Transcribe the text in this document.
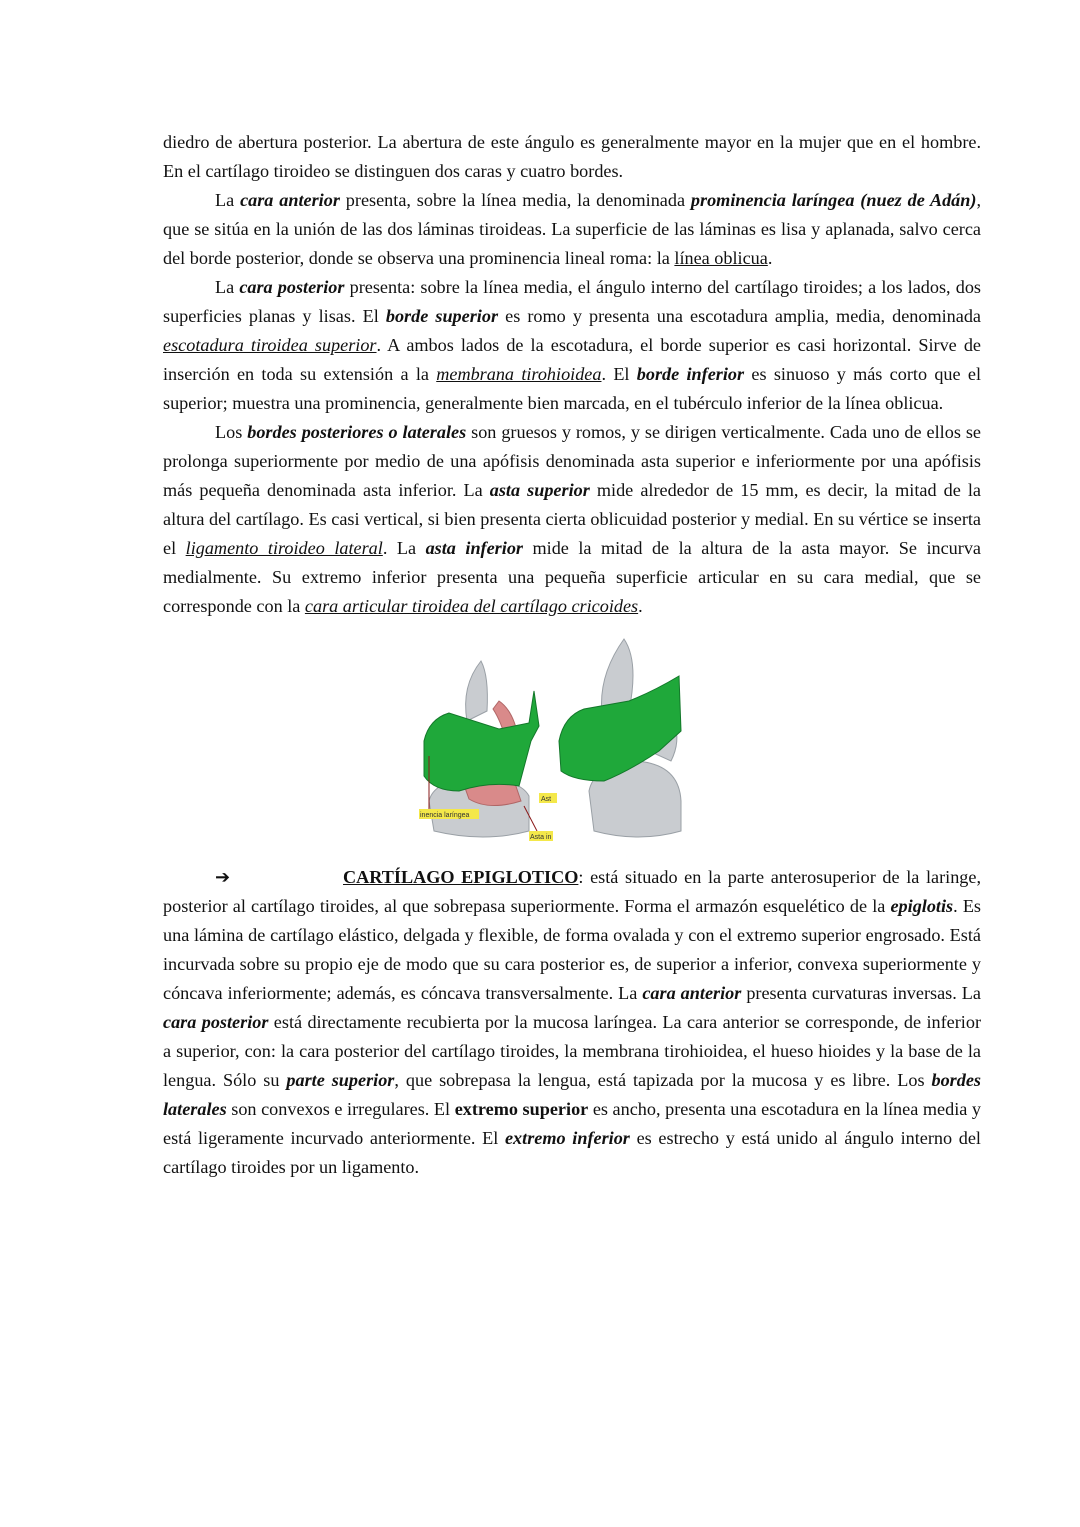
diedro de abertura posterior. La abertura de este ángulo es generalmente mayor en la mujer que en el hombre. En el cartílago tiroideo se distinguen dos caras y cuatro bordes.

La cara anterior presenta, sobre la línea media, la denominada prominencia laríngea (nuez de Adán), que se sitúa en la unión de las dos láminas tiroideas. La superficie de las láminas es lisa y aplanada, salvo cerca del borde posterior, donde se observa una prominencia lineal roma: la línea oblicua.

La cara posterior presenta: sobre la línea media, el ángulo interno del cartílago tiroides; a los lados, dos superficies planas y lisas. El borde superior es romo y presenta una escotadura amplia, media, denominada escotadura tiroidea superior. A ambos lados de la escotadura, el borde superior es casi horizontal. Sirve de inserción en toda su extensión a la membrana tirohioidea. El borde inferior es sinuoso y más corto que el superior; muestra una prominencia, generalmente bien marcada, en el tubérculo inferior de la línea oblicua.

Los bordes posteriores o laterales son gruesos y romos, y se dirigen verticalmente. Cada uno de ellos se prolonga superiormente por medio de una apófisis denominada asta superior e inferiormente por una apófisis más pequeña denominada asta inferior. La asta superior mide alrededor de 15 mm, es decir, la mitad de la altura del cartílago. Es casi vertical, si bien presenta cierta oblicuidad posterior y medial. En su vértice se inserta el ligamento tiroideo lateral. La asta inferior mide la mitad de la altura de la asta mayor. Se incurva medialmente. Su extremo inferior presenta una pequeña superficie articular en su cara medial, que se corresponde con la cara articular tiroidea del cartílago cricoides.

Ast
inencia laríngea
Asta in

➔	CARTÍLAGO EPIGLOTICO: está situado en la parte anterosuperior de la laringe, posterior al cartílago tiroides, al que sobrepasa superiormente. Forma el armazón esquelético de la epiglotis. Es una lámina de cartílago elástico, delgada y flexible, de forma ovalada y con el extremo superior engrosado. Está incurvada sobre su propio eje de modo que su cara posterior es, de superior a inferior, convexa superiormente y cóncava inferiormente; además, es cóncava transversalmente. La cara anterior presenta curvaturas inversas. La cara posterior está directamente recubierta por la mucosa laríngea. La cara anterior se corresponde, de inferior a superior, con: la cara posterior del cartílago tiroides, la membrana tirohioidea, el hueso hioides y la base de la lengua. Sólo su parte superior, que sobrepasa la lengua, está tapizada por la mucosa y es libre. Los bordes laterales son convexos e irregulares. El extremo superior es ancho, presenta una escotadura en la línea media y está ligeramente incurvado anteriormente. El extremo inferior es estrecho y está unido al ángulo interno del cartílago tiroides por un ligamento.
